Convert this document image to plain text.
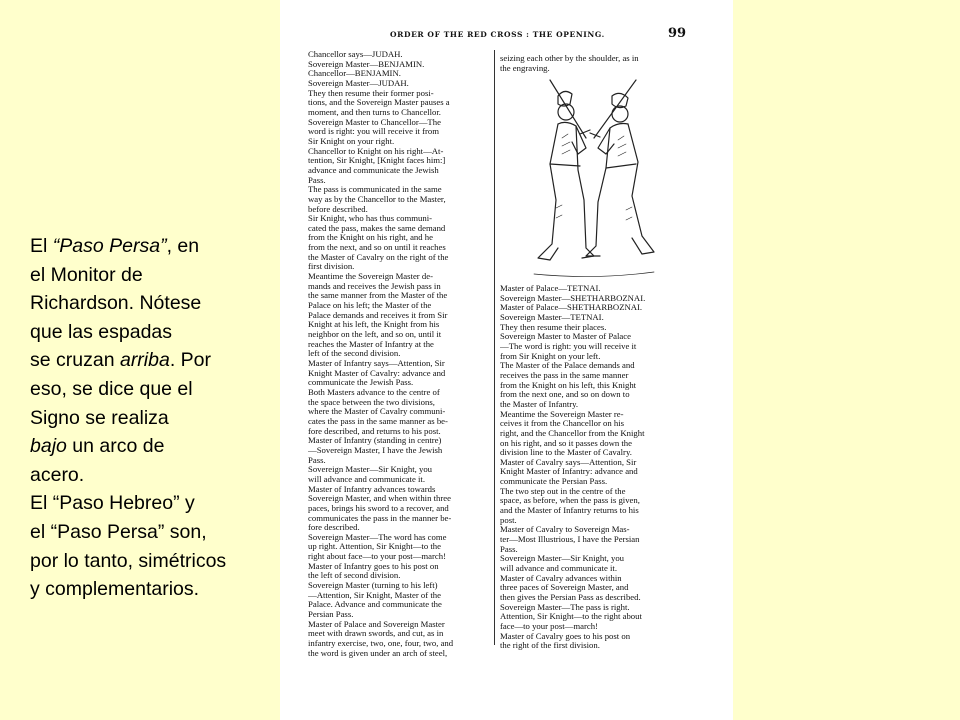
El “Paso Persa”, en
el Monitor de
Richardson. Nótese
que las espadas
se cruzan arriba. Por
eso, se dice que el
Signo se realiza
bajo un arco de
acero.
El “Paso Hebreo” y
el “Paso Persa” son,
por lo tanto, simétricos
y complementarios.
ORDER OF THE RED CROSS : THE OPENING.	99
Chancellor says—JUDAH.
Sovereign Master—BENJAMIN.
Chancellor—BENJAMIN.
Sovereign Master—JUDAH.
They then resume their former posi-
tions, and the Sovereign Master pauses a
moment, and then turns to Chancellor.
Sovereign Master to Chancellor—The
word is right: you will receive it from
Sir Knight on your right.
Chancellor to Knight on his right—At-
tention, Sir Knight, [Knight faces him:]
advance and communicate the Jewish
Pass.
The pass is communicated in the same
way as by the Chancellor to the Master,
before described.
Sir Knight, who has thus communi-
cated the pass, makes the same demand
from the Knight on his right, and he
from the next, and so on until it reaches
the Master of Cavalry on the right of the
first division.
Meantime the Sovereign Master de-
mands and receives the Jewish pass in
the same manner from the Master of the
Palace on his left; the Master of the
Palace demands and receives it from Sir
Knight at his left, the Knight from his
neighbor on the left, and so on, until it
reaches the Master of Infantry at the
left of the second division.
Master of Infantry says—Attention, Sir
Knight Master of Cavalry: advance and
communicate the Jewish Pass.
Both Masters advance to the centre of
the space between the two divisions,
where the Master of Cavalry communi-
cates the pass in the same manner as be-
fore described, and returns to his post.
Master of Infantry (standing in centre)
—Sovereign Master, I have the Jewish
Pass.
Sovereign Master—Sir Knight, you
will advance and communicate it.
Master of Infantry advances towards
Sovereign Master, and when within three
paces, brings his sword to a recover, and
communicates the pass in the manner be-
fore described.
Sovereign Master—The word has come
up right. Attention, Sir Knight—to the
right about face—to your post—march!
Master of Infantry goes to his post on
the left of second division.
Sovereign Master (turning to his left)
—Attention, Sir Knight, Master of the
Palace. Advance and communicate the
Persian Pass.
Master of Palace and Sovereign Master
meet with drawn swords, and cut, as in
infantry exercise, two, one, four, two, and
the word is given under an arch of steel,
seizing each other by the shoulder, as in
the engraving.
Master of Palace—TETNAI.
Sovereign Master—SHETHARBOZNAI.
Master of Palace—SHETHARBOZNAI.
Sovereign Master—TETNAI.
They then resume their places.
Sovereign Master to Master of Palace
—The word is right: you will receive it
from Sir Knight on your left.
The Master of the Palace demands and
receives the pass in the same manner
from the Knight on his left, this Knight
from the next one, and so on down to
the Master of Infantry.
Meantime the Sovereign Master re-
ceives it from the Chancellor on his
right, and the Chancellor from the Knight
on his right, and so it passes down the
division line to the Master of Cavalry.
Master of Cavalry says—Attention, Sir
Knight Master of Infantry: advance and
communicate the Persian Pass.
The two step out in the centre of the
space, as before, when the pass is given,
and the Master of Infantry returns to his
post.
Master of Cavalry to Sovereign Mas-
ter—Most Illustrious, I have the Persian
Pass.
Sovereign Master—Sir Knight, you
will advance and communicate it.
Master of Cavalry advances within
three paces of Sovereign Master, and
then gives the Persian Pass as described.
Sovereign Master—The pass is right.
Attention, Sir Knight—to the right about
face—to your post—march!
Master of Cavalry goes to his post on
the right of the first division.
